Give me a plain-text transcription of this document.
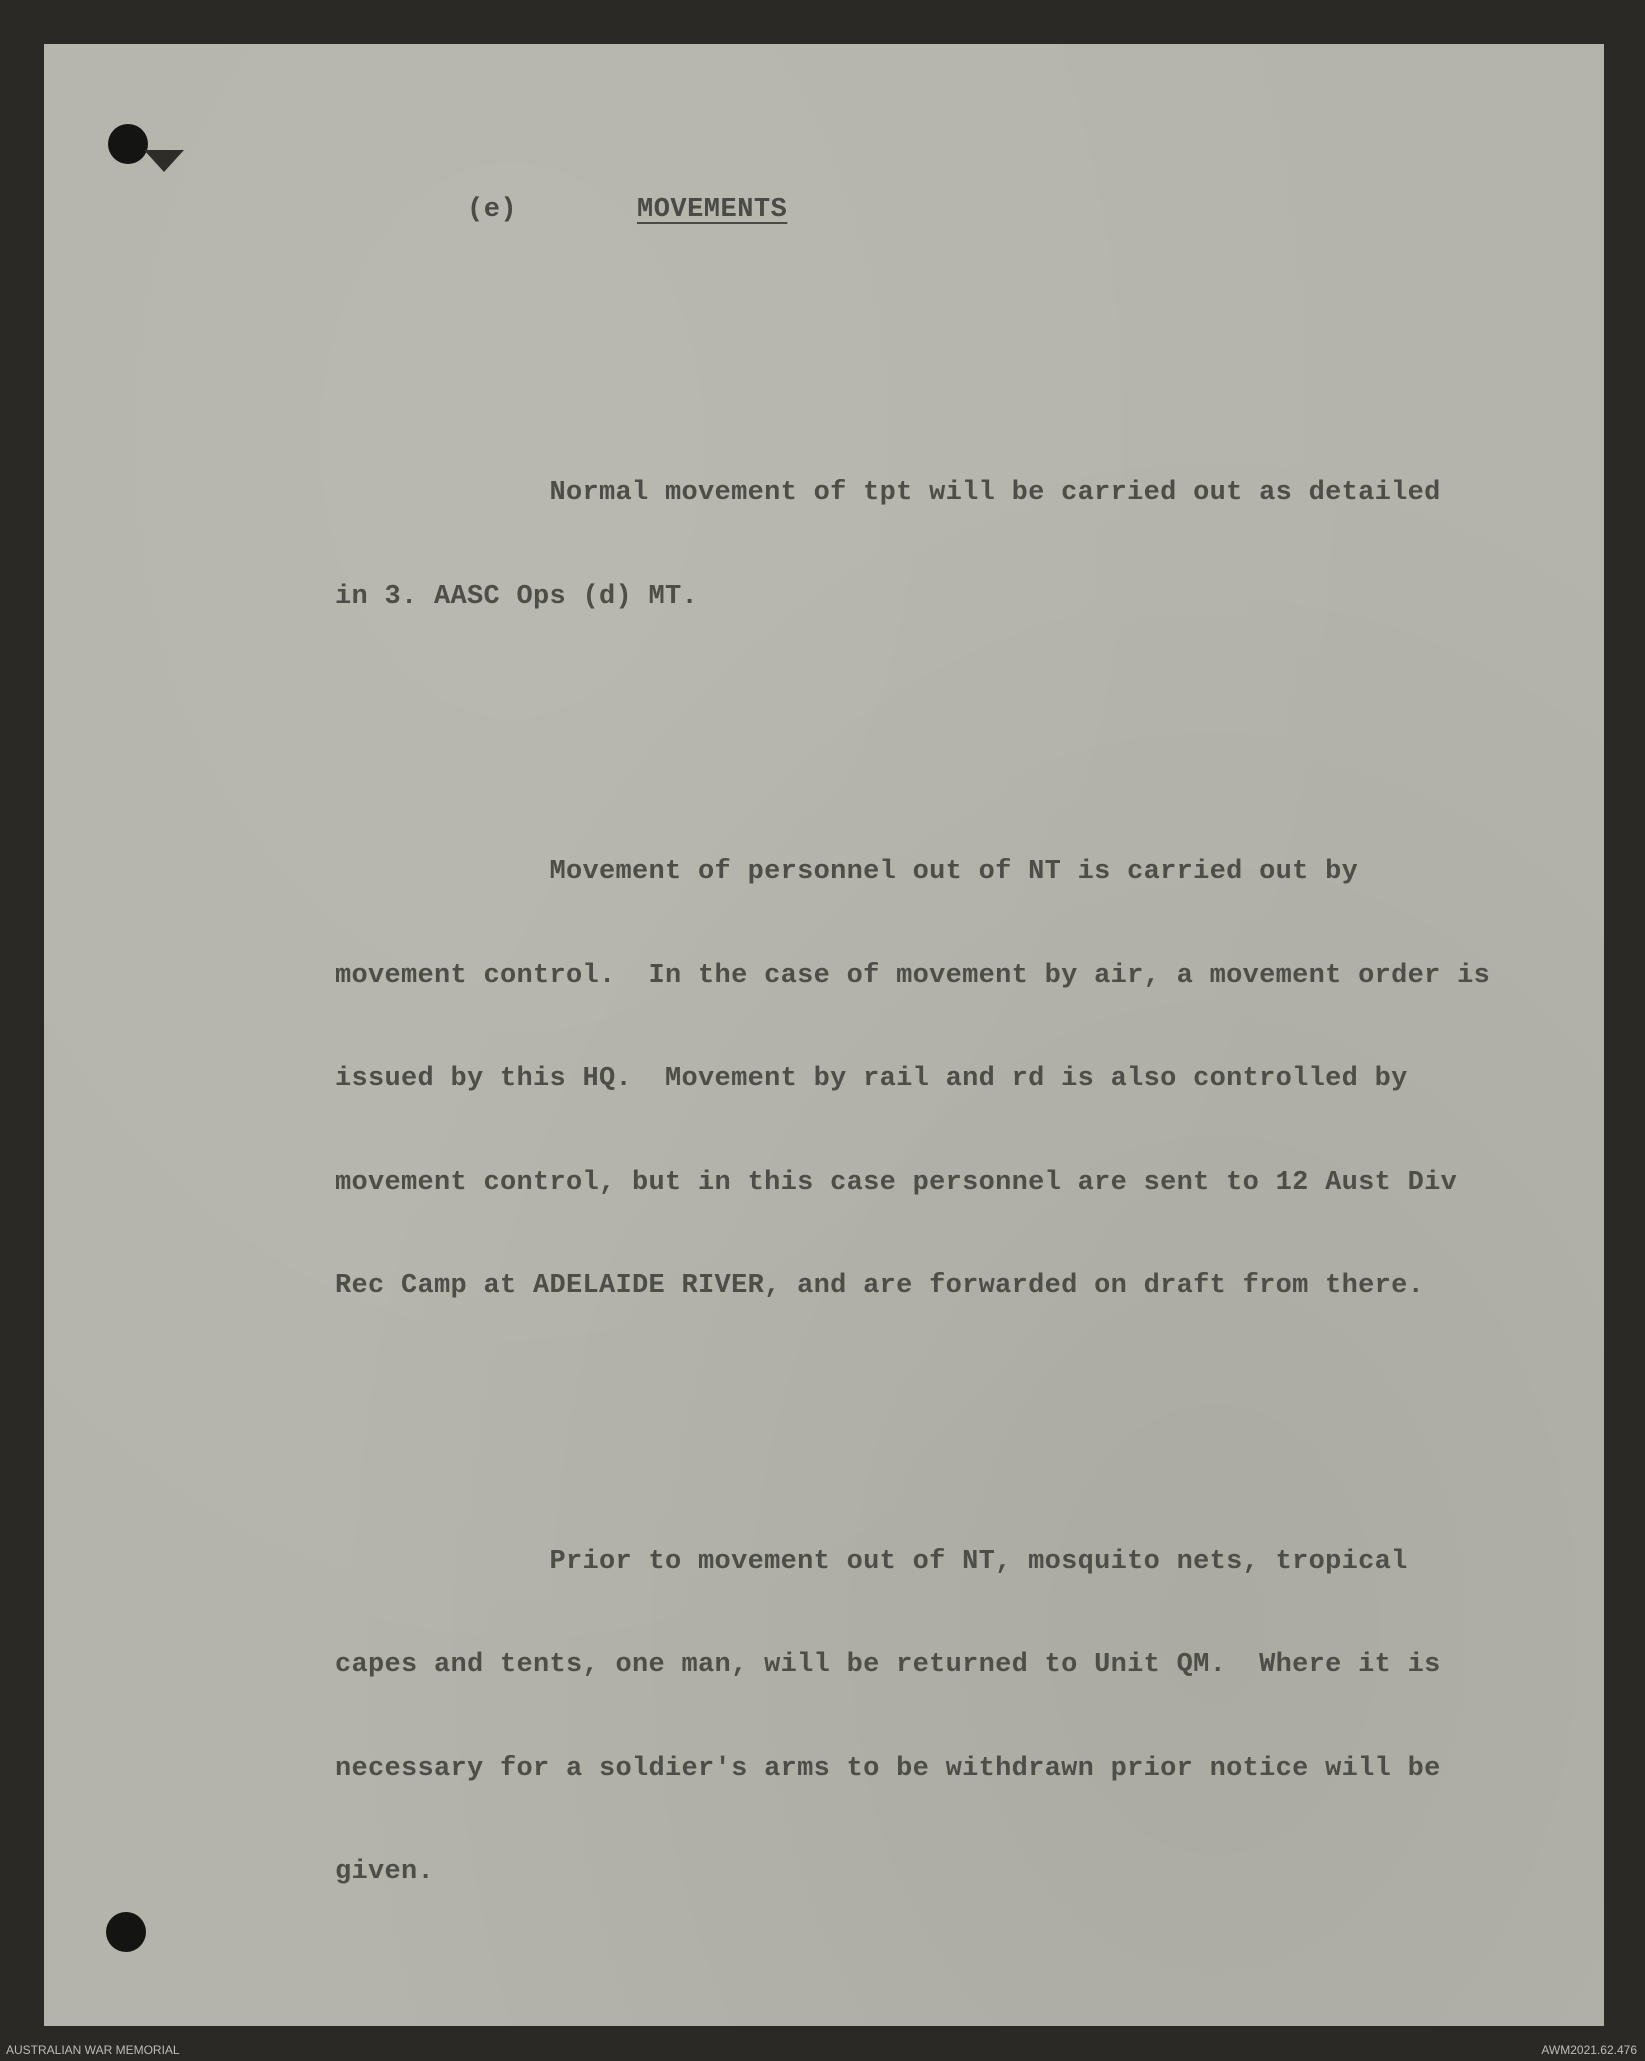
(e)	MOVEMENTS

Normal movement of tpt will be carried out as detailed

in 3. AASC Ops (d) MT.

Movement of personnel out of NT is carried out by

movement control.  In the case of movement by air, a movement order is

issued by this HQ.  Movement by rail and rd is also controlled by

movement control, but in this case personnel are sent to 12 Aust Div

Rec Camp at ADELAIDE RIVER, and are forwarded on draft from there.

Prior to movement out of NT, mosquito nets, tropical

capes and tents, one man, will be returned to Unit QM.  Where it is

necessary for a soldier's arms to be withdrawn prior notice will be

given.

AUSTRALIAN WAR MEMORIAL	AWM2021.62.476
